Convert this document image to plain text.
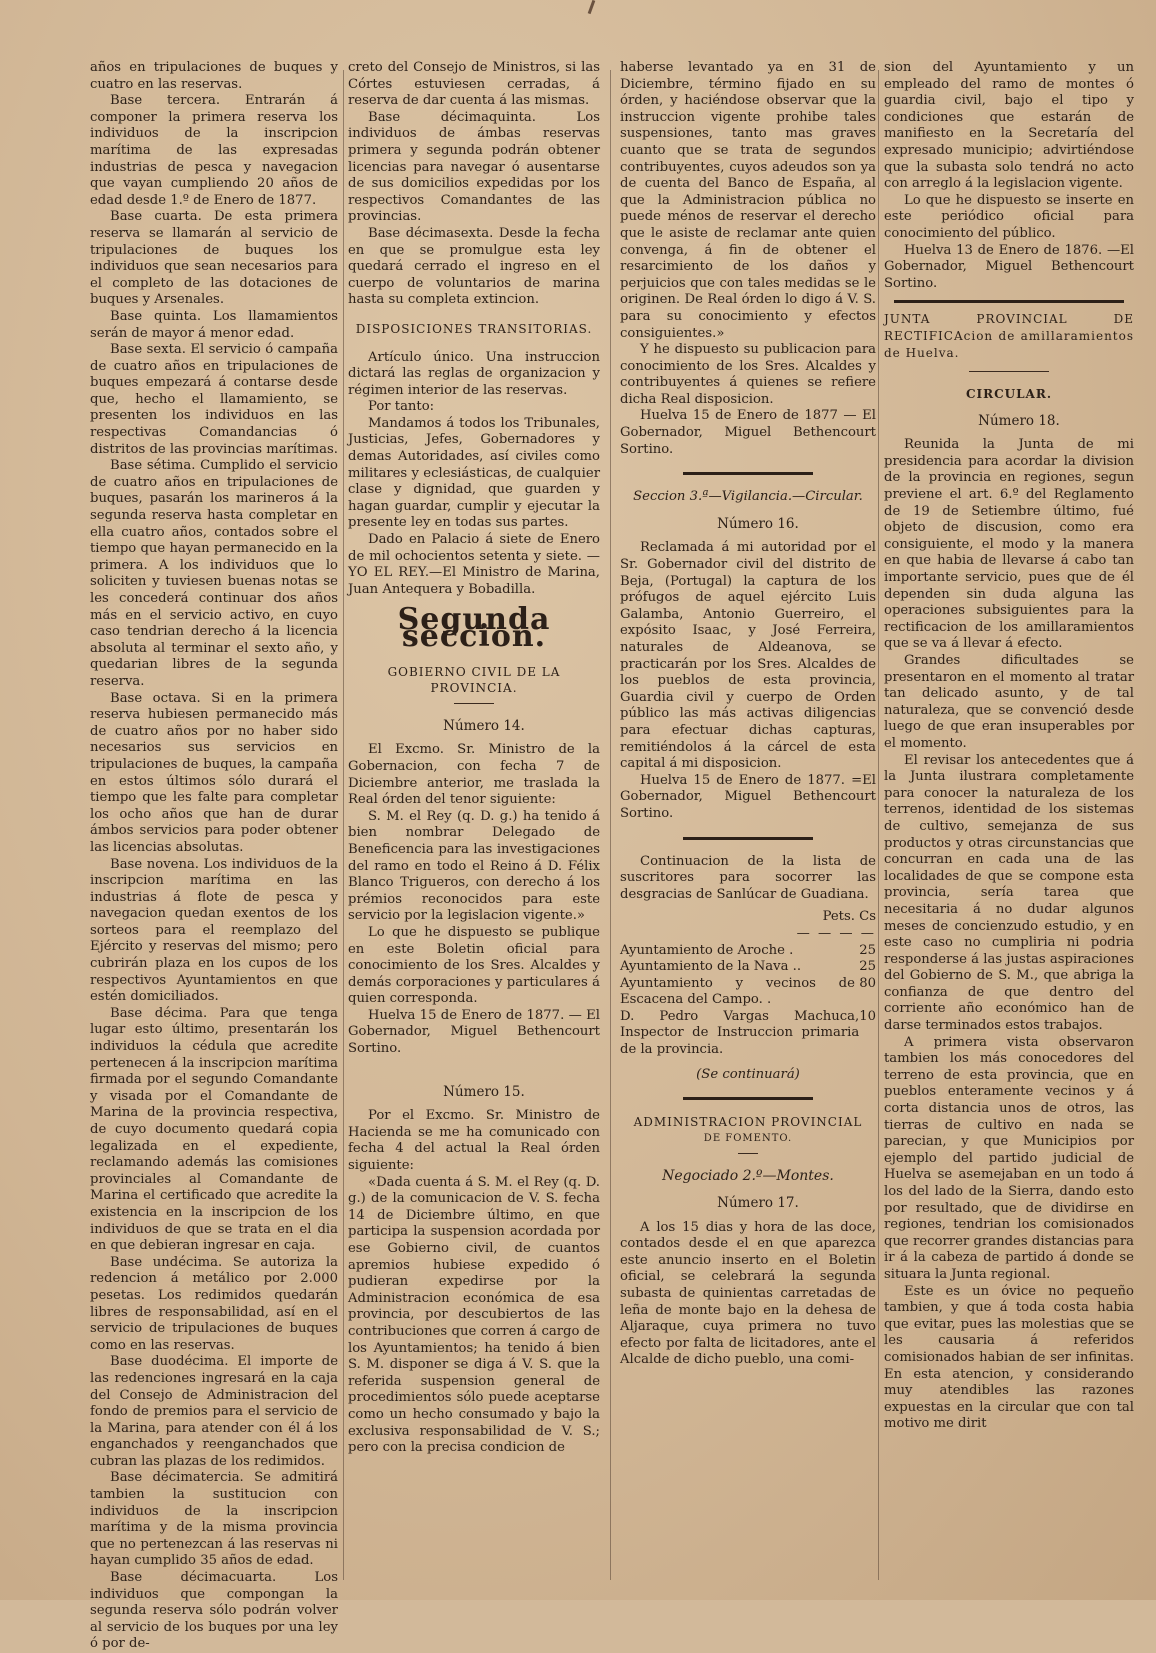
años en tripulaciones de buques y cuatro en las reservas.

Base tercera. Entrarán á componer la primera reserva los individuos de la inscripcion marítima de las expresadas industrias de pesca y navegacion que vayan cumpliendo 20 años de edad desde 1.º de Enero de 1877.

Base cuarta. De esta primera reserva se llamarán al servicio de tripulaciones de buques los individuos que sean necesarios para el completo de las dotaciones de buques y Arsenales.

Base quinta. Los llamamientos serán de mayor á menor edad.

Base sexta. El servicio ó campaña de cuatro años en tripulaciones de buques empezará á contarse desde que, hecho el llamamiento, se presenten los individuos en las respectivas Comandancias ó distritos de las provincias marítimas.

Base sétima. Cumplido el servicio de cuatro años en tripulaciones de buques, pasarán los marineros á la segunda reserva hasta completar en ella cuatro años, contados sobre el tiempo que hayan permanecido en la primera. A los individuos que lo soliciten y tuviesen buenas notas se les concederá continuar dos años más en el servicio activo, en cuyo caso tendrian derecho á la licencia absoluta al terminar el sexto año, y quedarian libres de la segunda reserva.

Base octava. Si en la primera reserva hubiesen permanecido más de cuatro años por no haber sido necesarios sus servicios en tripulaciones de buques, la campaña en estos últimos sólo durará el tiempo que les falte para completar los ocho años que han de durar ámbos servicios para poder obtener las licencias absolutas.

Base novena. Los individuos de la inscripcion marítima en las industrias á flote de pesca y navegacion quedan exentos de los sorteos para el reemplazo del Ejército y reservas del mismo; pero cubrirán plaza en los cupos de los respectivos Ayuntamientos en que estén domiciliados.

Base décima. Para que tenga lugar esto último, presentarán los individuos la cédula que acredite pertenecen á la inscripcion marítima firmada por el segundo Comandante y visada por el Comandante de Marina de la provincia respectiva, de cuyo documento quedará copia legalizada en el expediente, reclamando además las comisiones provinciales al Comandante de Marina el certificado que acredite la existencia en la inscripcion de los individuos de que se trata en el dia en que debieran ingresar en caja.

Base undécima. Se autoriza la redencion á metálico por 2.000 pesetas. Los redimidos quedarán libres de responsabilidad, así en el servicio de tripulaciones de buques como en las reservas.

Base duodécima. El importe de las redenciones ingresará en la caja del Consejo de Administracion del fondo de premios para el servicio de la Marina, para atender con él á los enganchados y reenganchados que cubran las plazas de los redimidos.

Base décimatercia. Se admitirá tambien la sustitucion con individuos de la inscripcion marítima y de la misma provincia que no pertenezcan á las reservas ni hayan cumplido 35 años de edad.

Base décimacuarta. Los individuos que compongan la segunda reserva sólo podrán volver al servicio de los buques por una ley ó por de-

creto del Consejo de Ministros, si las Córtes estuviesen cerradas, á reserva de dar cuenta á las mismas.

Base décimaquinta. Los individuos de ámbas reservas primera y segunda podrán obtener licencias para navegar ó ausentarse de sus domicilios expedidas por los respectivos Comandantes de las provincias.

Base décimasexta. Desde la fecha en que se promulgue esta ley quedará cerrado el ingreso en el cuerpo de voluntarios de marina hasta su completa extincion.

DISPOSICIONES TRANSITORIAS.

Artículo único. Una instruccion dictará las reglas de organizacion y régimen interior de las reservas.

Por tanto:

Mandamos á todos los Tribunales, Justicias, Jefes, Gobernadores y demas Autoridades, así civiles como militares y eclesiásticas, de cualquier clase y dignidad, que guarden y hagan guardar, cumplir y ejecutar la presente ley en todas sus partes.

Dado en Palacio á siete de Enero de mil ochocientos setenta y siete. —YO EL REY.—El Ministro de Marina, Juan Antequera y Bobadilla.

Segunda seccion.

GOBIERNO CIVIL DE LA PROVINCIA.

Número 14.

El Excmo. Sr. Ministro de la Gobernacion, con fecha 7 de Diciembre anterior, me traslada la Real órden del tenor siguiente:

S. M. el Rey (q. D. g.) ha tenido á bien nombrar Delegado de Beneficencia para las investigaciones del ramo en todo el Reino á D. Félix Blanco Trigueros, con derecho á los prémios reconocidos para este servicio por la legislacion vigente.»

Lo que he dispuesto se publique en este Boletin oficial para conocimiento de los Sres. Alcaldes y demás corporaciones y particulares á quien corresponda.

Huelva 15 de Enero de 1877. — El Gobernador, Miguel Bethencourt Sortino.

Número 15.

Por el Excmo. Sr. Ministro de Hacienda se me ha comunicado con fecha 4 del actual la Real órden siguiente:

«Dada cuenta á S. M. el Rey (q. D. g.) de la comunicacion de V. S. fecha 14 de Diciembre último, en que participa la suspension acordada por ese Gobierno civil, de cuantos apremios hubiese expedido ó pudieran expedirse por la Administracion económica de esa provincia, por descubiertos de las contribuciones que corren á cargo de los Ayuntamientos; ha tenido á bien S. M. disponer se diga á V. S. que la referida suspension general de procedimientos sólo puede aceptarse como un hecho consumado y bajo la exclusiva responsabilidad de V. S.; pero con la precisa condicion de

haberse levantado ya en 31 de Diciembre, término fijado en su órden, y haciéndose observar que la instruccion vigente prohibe tales suspensiones, tanto mas graves cuanto que se trata de segundos contribuyentes, cuyos adeudos son ya de cuenta del Banco de España, al que la Administracion pública no puede ménos de reservar el derecho que le asiste de reclamar ante quien convenga, á fin de obtener el resarcimiento de los daños y perjuicios que con tales medidas se le originen. De Real órden lo digo á V. S. para su conocimiento y efectos consiguientes.»

Y he dispuesto su publicacion para conocimiento de los Sres. Alcaldes y contribuyentes á quienes se refiere dicha Real disposicion.

Huelva 15 de Enero de 1877 — El Gobernador, Miguel Bethencourt Sortino.

Seccion 3.ª—Vigilancia.—Circular.

Número 16.

Reclamada á mi autoridad por el Sr. Gobernador civil del distrito de Beja, (Portugal) la captura de los prófugos de aquel ejército Luis Galamba, Antonio Guerreiro, el expósito Isaac, y José Ferreira, naturales de Aldeanova, se practicarán por los Sres. Alcaldes de los pueblos de esta provincia, Guardia civil y cuerpo de Orden público las más activas diligencias para efectuar dichas capturas, remitiéndolos á la cárcel de esta capital á mi disposicion.

Huelva 15 de Enero de 1877. =El Gobernador, Miguel Bethencourt Sortino.

Continuacion de la lista de suscritores para socorrer las desgracias de Sanlúcar de Guadiana.

Pets. Cs

— — — —

Ayuntamiento de Aroche .	25
Ayuntamiento de la Nava ..	25
Ayuntamiento y vecinos de Escacena del Campo. .
80
D. Pedro Vargas Machuca, Inspector de Instruccion primaria de la provincia.
10

(Se continuará)

ADMINISTRACION PROVINCIAL

DE FOMENTO.

Negociado 2.º—Montes.

Número 17.

A los 15 dias y hora de las doce, contados desde el en que aparezca este anuncio inserto en el Boletin oficial, se celebrará la segunda subasta de quinientas carretadas de leña de monte bajo en la dehesa de Aljaraque, cuya primera no tuvo efecto por falta de licitadores, ante el Alcalde de dicho pueblo, una comi-

sion del Ayuntamiento y un empleado del ramo de montes ó guardia civil, bajo el tipo y condiciones que estarán de manifiesto en la Secretaría del expresado municipio; advirtiéndose que la subasta solo tendrá no acto con arreglo á la legislacion vigente.

Lo que he dispuesto se inserte en este periódico oficial para conocimiento del público.

Huelva 13 de Enero de 1876. —El Gobernador, Miguel Bethencourt Sortino.

JUNTA PROVINCIAL DE RECTIFICAcion de amillaramientos de Huelva.

CIRCULAR.

Número 18.

Reunida la Junta de mi presidencia para acordar la division de la provincia en regiones, segun previene el art. 6.º del Reglamento de 19 de Setiembre último, fué objeto de discusion, como era consiguiente, el modo y la manera en que habia de llevarse á cabo tan importante servicio, pues que de él dependen sin duda alguna las operaciones subsiguientes para la rectificacion de los amillaramientos que se va á llevar á efecto.

Grandes dificultades se presentaron en el momento al tratar tan delicado asunto, y de tal naturaleza, que se convenció desde luego de que eran insuperables por el momento.

El revisar los antecedentes que á la Junta ilustrara completamente para conocer la naturaleza de los terrenos, identidad de los sistemas de cultivo, semejanza de sus productos y otras circunstancias que concurran en cada una de las localidades de que se compone esta provincia, sería tarea que necesitaria á no dudar algunos meses de concienzudo estudio, y en este caso no cumpliria ni podria responderse á las justas aspiraciones del Gobierno de S. M., que abriga la confianza de que dentro del corriente año económico han de darse terminados estos trabajos.

A primera vista observaron tambien los más conocedores del terreno de esta provincia, que en pueblos enteramente vecinos y á corta distancia unos de otros, las tierras de cultivo en nada se parecian, y que Municipios por ejemplo del partido judicial de Huelva se asemejaban en un todo á los del lado de la Sierra, dando esto por resultado, que de dividirse en regiones, tendrian los comisionados que recorrer grandes distancias para ir á la cabeza de partido á donde se situara la Junta regional.

Este es un óvice no pequeño tambien, y que á toda costa habia que evitar, pues las molestias que se les causaria á referidos comisionados habian de ser infinitas. En esta atencion, y considerando muy atendibles las razones expuestas en la circular que con tal motivo me dirit
